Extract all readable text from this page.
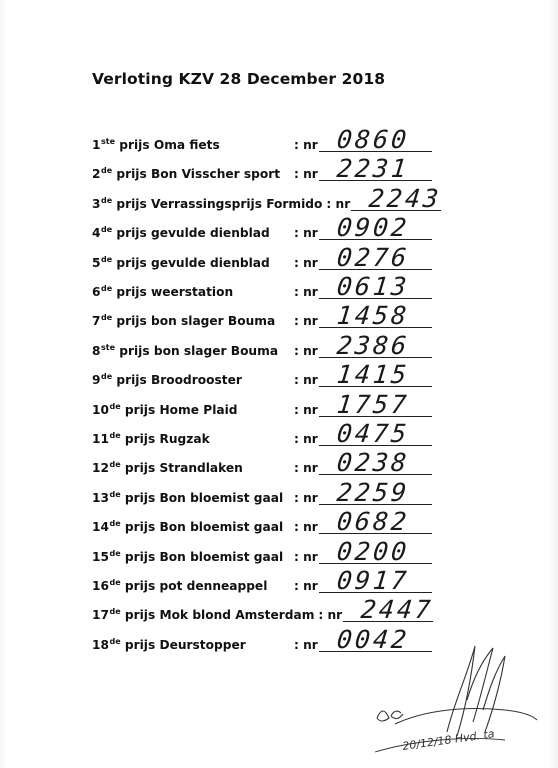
Verloting KZV 28 December 2018
1ste prijs Oma fiets	: nr 0860
2de prijs Bon Visscher sport : nr 2231
3de prijs Verrassingsprijs Formido : nr 2243
4de prijs gevulde dienblad : nr 0902
5de prijs gevulde dienblad : nr 0276
6de prijs weerstation	: nr 0613
7de prijs bon slager Bouma : nr 1458
8ste prijs bon slager Bouma : nr 2386
9de prijs Broodrooster	: nr 1415
10de prijs Home Plaid	: nr 1757
11de prijs Rugzak	: nr 0475
12de prijs Strandlaken	: nr 0238
13de prijs Bon bloemist gaal : nr 2259
14de prijs Bon bloemist gaal : nr 0682
15de prijs Bon bloemist gaal : nr 0200
16de prijs pot denneappel : nr 0917
17de prijs Mok blond Amsterdam : nr 2447
18de prijs Deurstopper	: nr 0042
20/12/18 Hvd. ta
